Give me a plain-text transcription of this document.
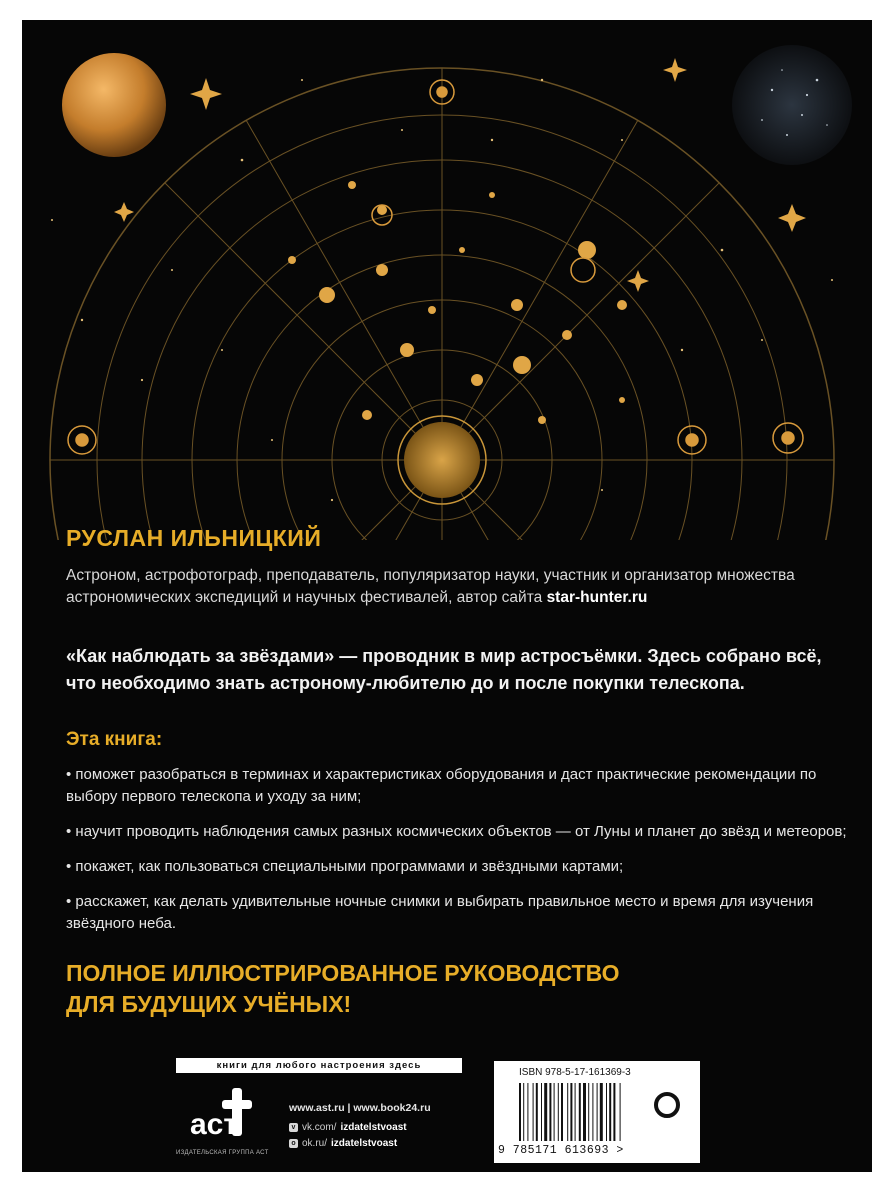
РУСЛАН ИЛЬНИЦКИЙ

Астроном, астрофотограф, преподаватель, популяризатор науки, участник и организатор множества астрономических экспедиций и научных фестивалей, автор сайта star-hunter.ru

«Как наблюдать за звёздами» — проводник в мир астросъёмки. Здесь собрано всё, что необходимо знать астроному-любителю до и после покупки телескопа.

Эта книга:

• поможет разобраться в терминах и характеристиках оборудования и даст практические рекомендации по выбору первого телескопа и уходу за ним;
• научит проводить наблюдения самых разных космических объектов — от Луны и планет до звёзд и метеоров;
• покажет, как пользоваться специальными программами и звёздными картами;
• расскажет, как делать удивительные ночные снимки и выбирать правильное место и время для изучения звёздного неба.

ПОЛНОЕ ИЛЛЮСТРИРОВАННОЕ РУКОВОДСТВО
ДЛЯ БУДУЩИХ УЧЁНЫХ!

книги для любого настроения здесь
аст
ИЗДАТЕЛЬСКАЯ ГРУППА АСТ
www.ast.ru | www.book24.ru
v vk.com/ izdatelstvoast
o ok.ru/ izdatelstvoast
ISBN 978-5-17-161369-3
9 785171 613693 >
